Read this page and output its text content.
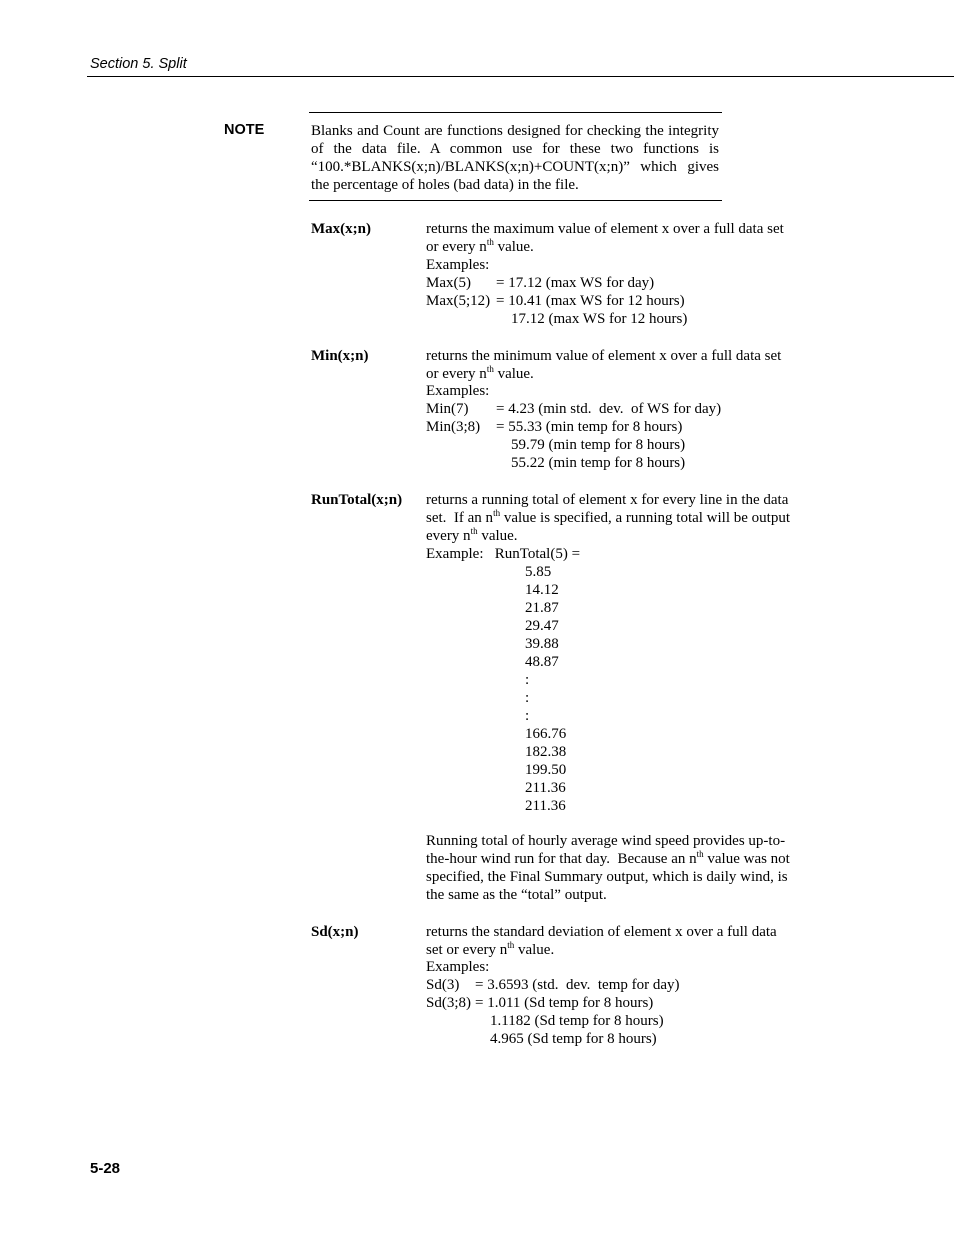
Section 5. Split
NOTE	Blanks and Count are functions designed for checking the integrity of the data file. A common use for these two functions is “100.*BLANKS(x;n)/BLANKS(x;n)+COUNT(x;n)” which gives the percentage of holes (bad data) in the file.
Max(x;n)	returns the maximum value of element x over a full data set
or every $n^{th}$ value.
Examples:
Max(5) = 17.12 (max WS for day)
Max(5;12) = 10.41 (max WS for 12 hours)
17.12 (max WS for 12 hours)
Min(x;n)	returns the minimum value of element x over a full data set
or every $n^{th}$ value.
Examples:
Min(7) = 4.23 (min std.  dev.  of WS for day)
Min(3;8) = 55.33 (min temp for 8 hours)
59.79 (min temp for 8 hours)
55.22 (min temp for 8 hours)
RunTotal(x;n) returns a running total of element x for every line in the data
set.  If an $n^{th}$ value is specified, a running total will be output
every $n^{th}$ value.
Example:   RunTotal(5) =
5.85
14.12
21.87
29.47
39.88
48.87
:
:
:
166.76
182.38
199.50
211.36
211.36
Running total of hourly average wind speed provides up-to-
the-hour wind run for that day.  Because an $n^{th}$ value was not
specified, the Final Summary output, which is daily wind, is
the same as the “total” output.
Sd(x;n)	returns the standard deviation of element x over a full data
set or every $n^{th}$ value.
Examples:
Sd(3) = 3.6593 (std.  dev.  temp for day)
Sd(3;8) = 1.011 (Sd temp for 8 hours)
1.1182 (Sd temp for 8 hours)
4.965 (Sd temp for 8 hours)
5-28
